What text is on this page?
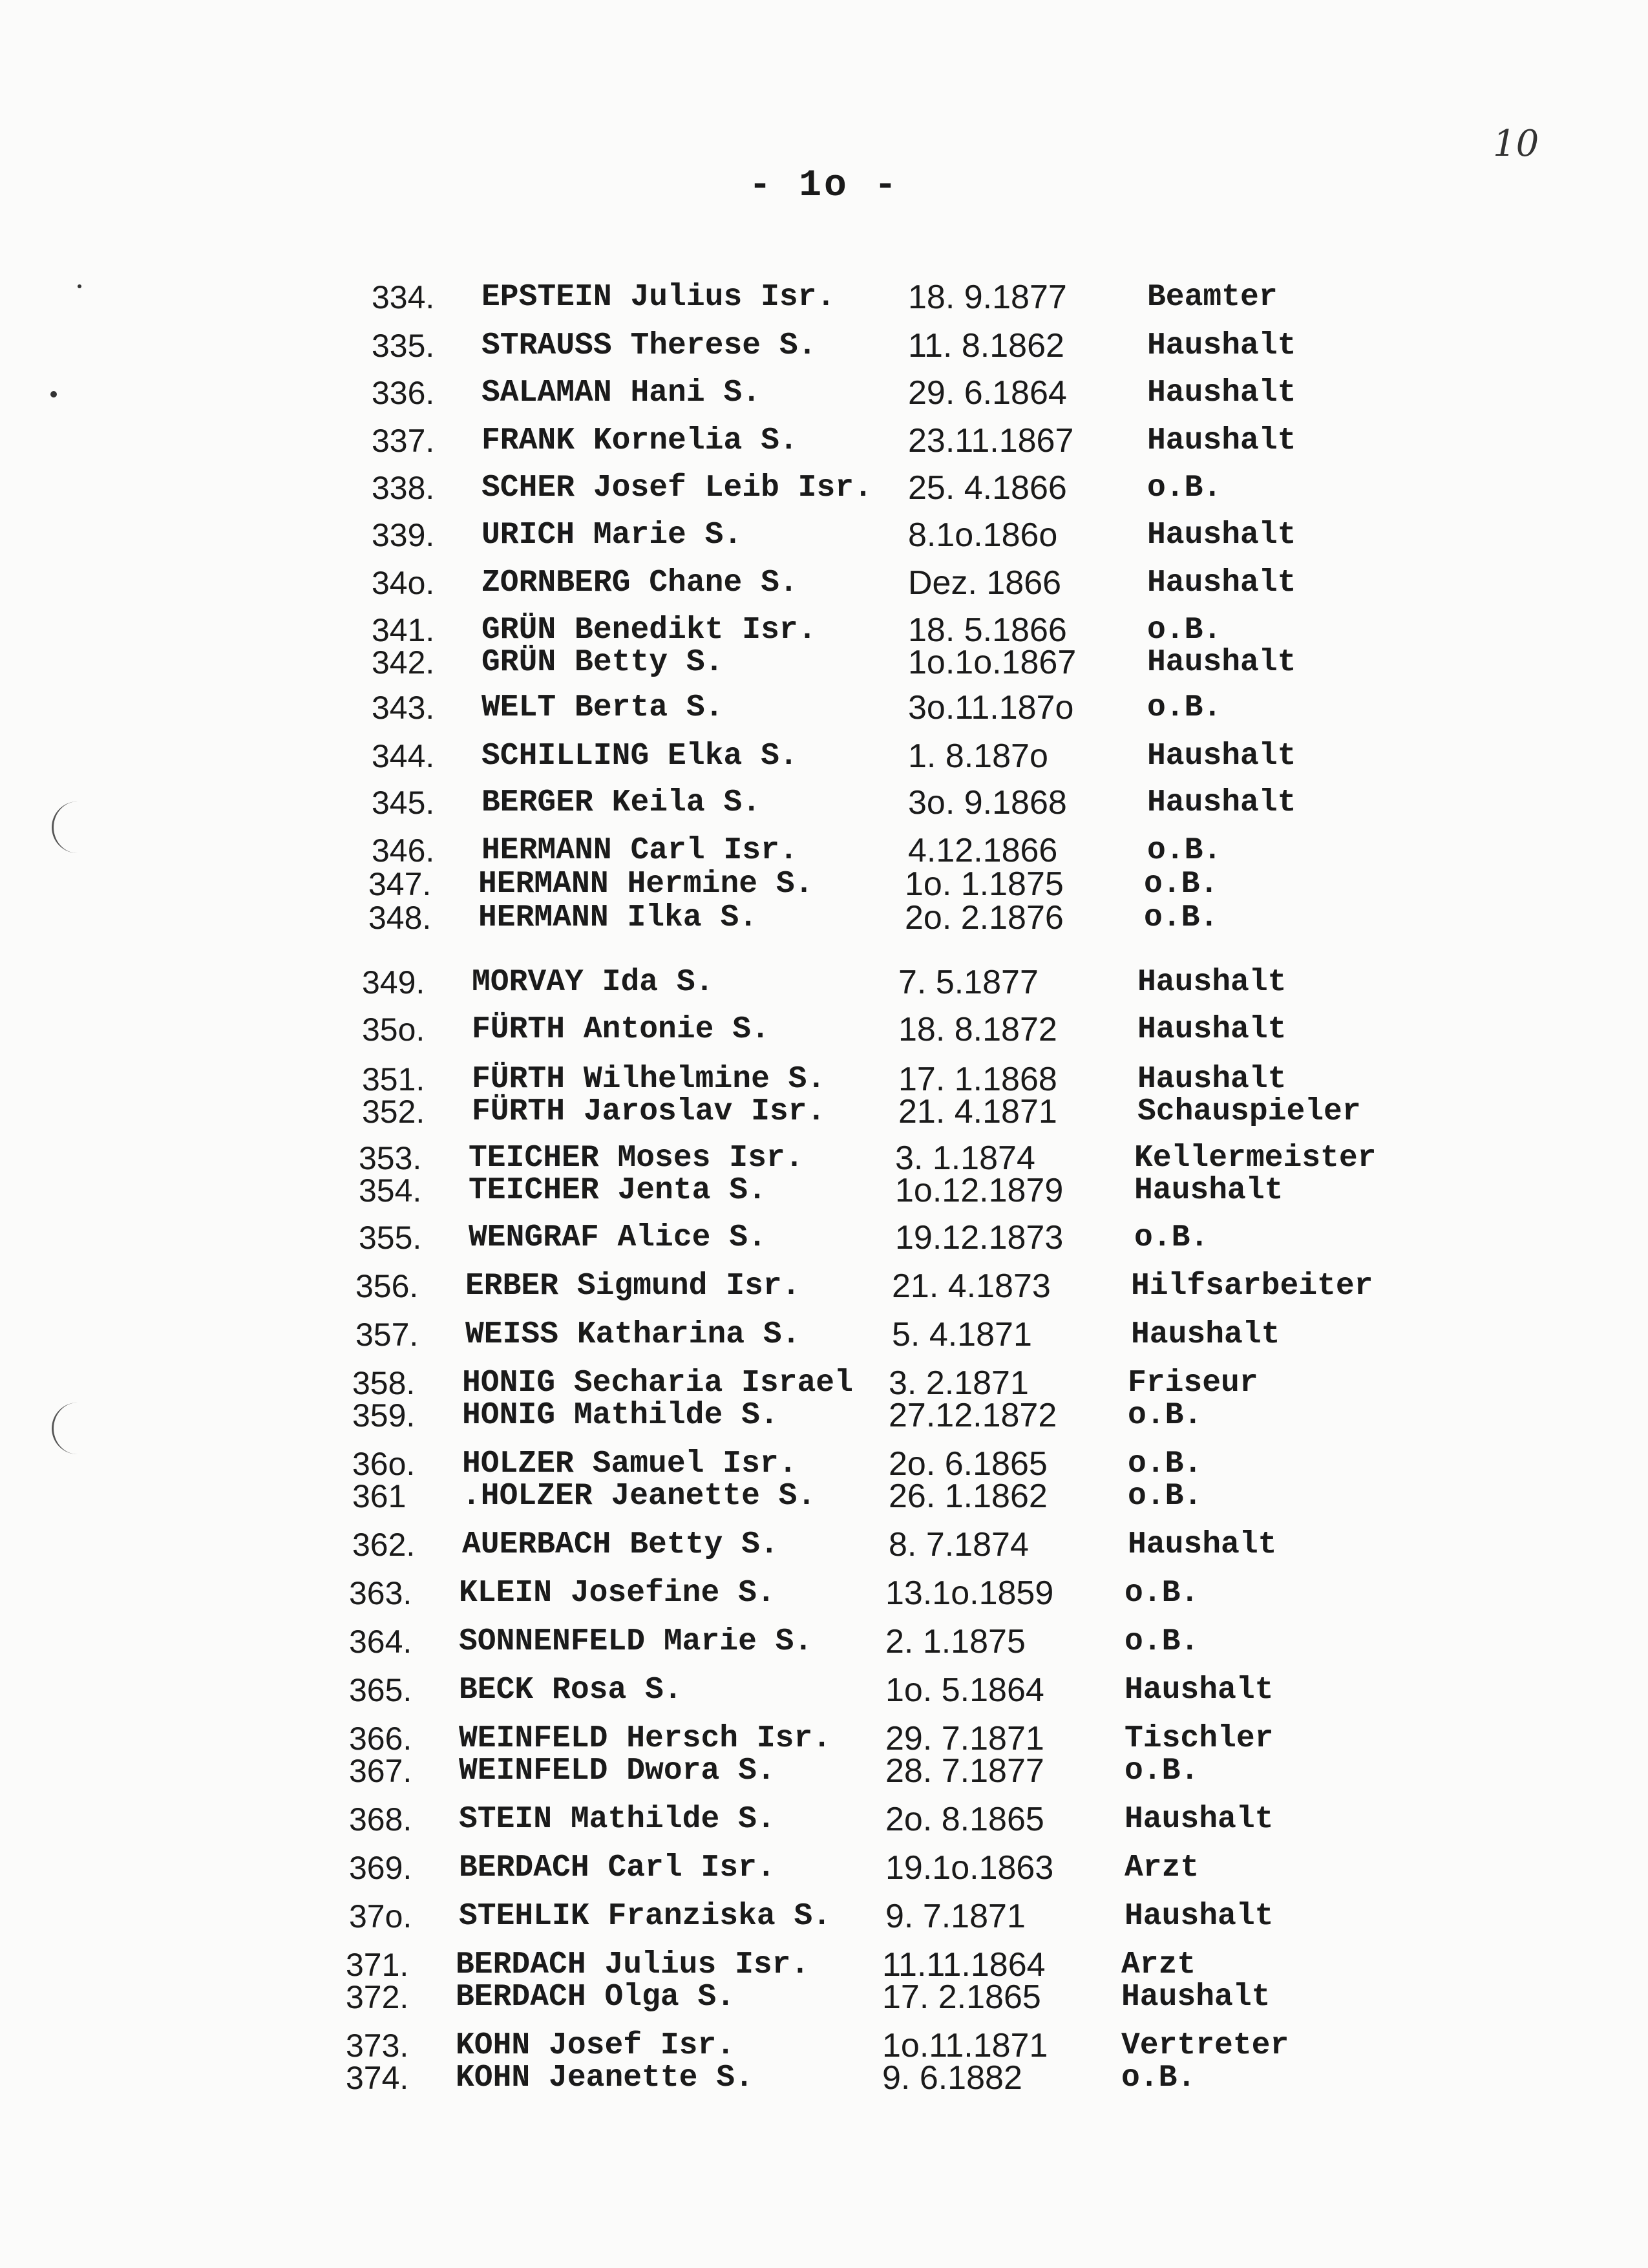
10
- 1o -
334. EPSTEIN Julius Isr. 18. 9.1877	Beamter
335. STRAUSS Therese S.	11. 8.1862	Haushalt
336. SALAMAN Hani S.	29. 6.1864	Haushalt
337. FRANK Kornelia S.	23.11.1867 Haushalt
338. SCHER Josef Leib Isr. 25. 4.1866	o.B.
339. URICH Marie S.	8.1o.186o	Haushalt
34o. ZORNBERG Chane S.	Dez. 1866	Haushalt
341. GRÜN Benedikt Isr.	18. 5.1866	o.B.
342. GRÜN Betty S.	1o.1o.1867 Haushalt
343. WELT Berta S.	3o.11.187o o.B.
344. SCHILLING Elka S.	1. 8.187o	Haushalt
345. BERGER Keila S.	3o. 9.1868	Haushalt
346. HERMANN Carl Isr.	4.12.1866	o.B.
347. HERMANN Hermine S.	1o. 1.1875	o.B.
348. HERMANN Ilka S.	2o. 2.1876	o.B.
349. MORVAY Ida S.	7. 5.1877	Haushalt
35o. FÜRTH Antonie S.	18. 8.1872	Haushalt
351. FÜRTH Wilhelmine S. 17. 1.1868	Haushalt
352. FÜRTH Jaroslav Isr. 21. 4.1871	Schauspieler
353. TEICHER Moses Isr.	3. 1.1874	Kellermeister
354. TEICHER Jenta S.	1o.12.1879 Haushalt
355. WENGRAF Alice S.	19.12.1873 o.B.
356. ERBER Sigmund Isr.	21. 4.1873	Hilfsarbeiter
357. WEISS Katharina S.	5. 4.1871	Haushalt
358. HONIG Secharia Israel 3. 2.1871	Friseur
359. HONIG Mathilde S.	27.12.1872 o.B.
36o. HOLZER Samuel Isr.	2o. 6.1865	o.B.
361 .HOLZER Jeanette S. 26. 1.1862	o.B.
362. AUERBACH Betty S.	8. 7.1874	Haushalt
363. KLEIN Josefine S.	13.1o.1859 o.B.
364. SONNENFELD Marie S. 2. 1.1875	o.B.
365. BECK Rosa S.	1o. 5.1864	Haushalt
366. WEINFELD Hersch Isr. 29. 7.1871	Tischler
367. WEINFELD Dwora S.	28. 7.1877	o.B.
368. STEIN Mathilde S.	2o. 8.1865	Haushalt
369. BERDACH Carl Isr.	19.1o.1863 Arzt
37o. STEHLIK Franziska S. 9. 7.1871	Haushalt
371. BERDACH Julius Isr. 11.11.1864 Arzt
372. BERDACH Olga S.	17. 2.1865	Haushalt
373. KOHN Josef Isr.	1o.11.1871 Vertreter
374. KOHN Jeanette S.	9. 6.1882	o.B.
